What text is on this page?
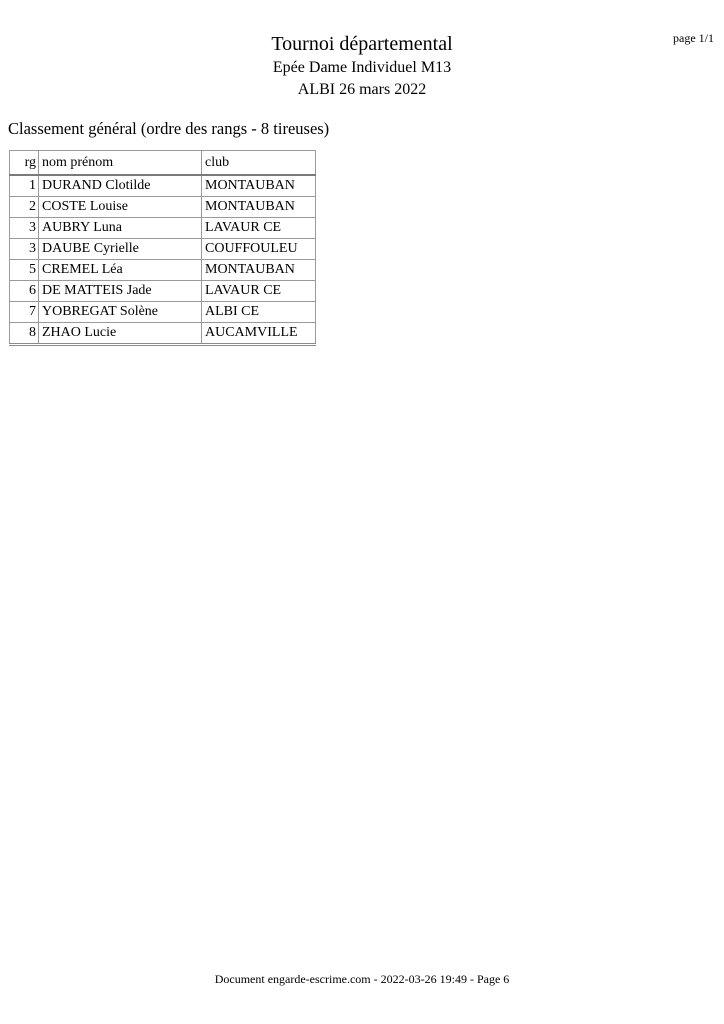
page 1/1

Tournoi départemental

Epée Dame Individuel M13

ALBI 26 mars 2022

Classement général (ordre des rangs - 8 tireuses)

rg	nom prénom	club
1	DURAND Clotilde	MONTAUBAN
2	COSTE Louise	MONTAUBAN
3	AUBRY Luna	LAVAUR CE
3	DAUBE Cyrielle	COUFFOULEU
5	CREMEL Léa	MONTAUBAN
6	DE MATTEIS Jade	LAVAUR CE
7	YOBREGAT Solène	ALBI CE
8	ZHAO Lucie	AUCAMVILLE
Document engarde-escrime.com - 2022-03-26 19:49 - Page 6
